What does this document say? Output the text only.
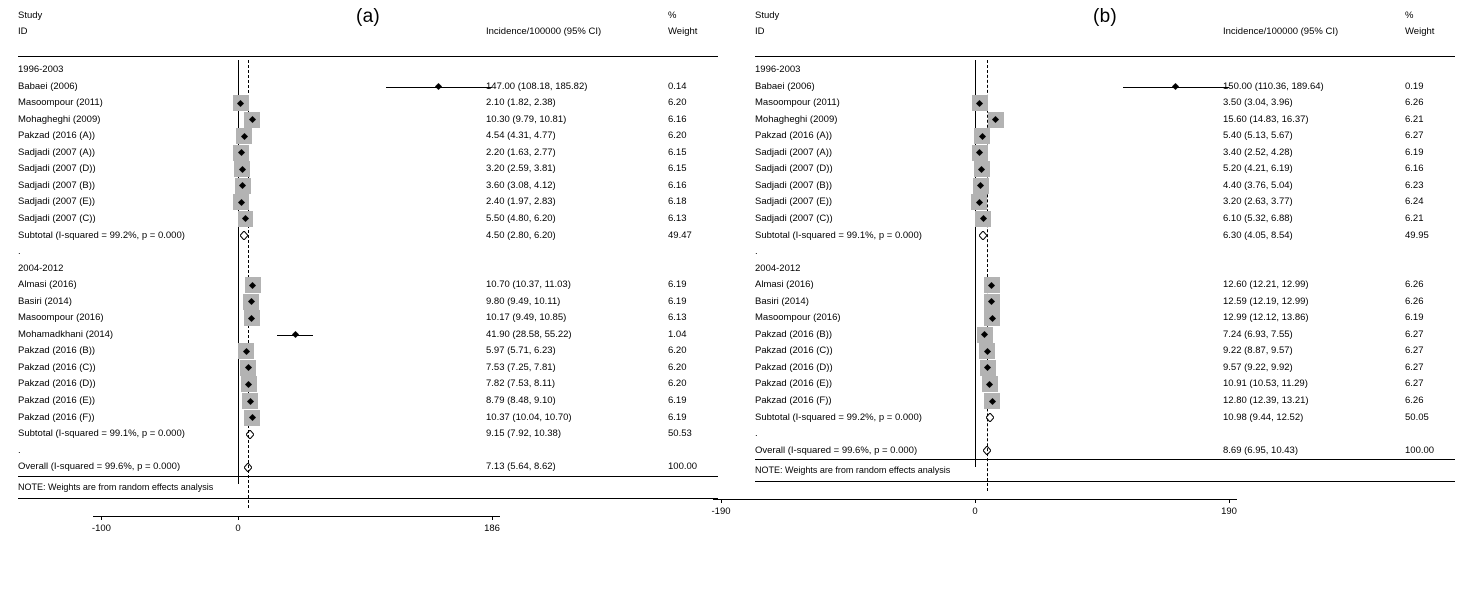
(a)
Study
ID	Incidence/100000 (95% CI)
%
Weight
1996-2003
Babaei (2006)	147.00 (108.18, 185.82)	0.14
Masoompour (2011)	2.10 (1.82, 2.38)	6.20
Mohagheghi (2009)	10.30 (9.79, 10.81)	6.16
Pakzad (2016 (A))	4.54 (4.31, 4.77)	6.20
Sadjadi (2007 (A))	2.20 (1.63, 2.77)	6.15
Sadjadi (2007 (D))	3.20 (2.59, 3.81)	6.15
Sadjadi (2007 (B))	3.60 (3.08, 4.12)	6.16
Sadjadi (2007 (E))	2.40 (1.97, 2.83)	6.18
Sadjadi (2007 (C))	5.50 (4.80, 6.20)	6.13
Subtotal (I-squared = 99.2%, p = 0.000)	4.50 (2.80, 6.20)	49.47
.
2004-2012
Almasi (2016)	10.70 (10.37, 11.03)	6.19
Basiri (2014)	9.80 (9.49, 10.11)	6.19
Masoompour (2016)	10.17 (9.49, 10.85)	6.13
Mohamadkhani (2014)	41.90 (28.58, 55.22)	1.04
Pakzad (2016 (B))	5.97 (5.71, 6.23)	6.20
Pakzad (2016 (C))	7.53 (7.25, 7.81)	6.20
Pakzad (2016 (D))	7.82 (7.53, 8.11)	6.20
Pakzad (2016 (E))	8.79 (8.48, 9.10)	6.19
Pakzad (2016 (F))	10.37 (10.04, 10.70)	6.19
Subtotal (I-squared = 99.1%, p = 0.000)	9.15 (7.92, 10.38)	50.53
.
Overall (I-squared = 99.6%, p = 0.000)	7.13 (5.64, 8.62)	100.00
NOTE: Weights are from random effects analysis
-100	0	186
(b)
Study
ID	Incidence/100000 (95% CI)
%
Weight
1996-2003
Babaei (2006)	150.00 (110.36, 189.64)	0.19
Masoompour (2011)	3.50 (3.04, 3.96)	6.26
Mohagheghi (2009)	15.60 (14.83, 16.37)	6.21
Pakzad (2016 (A))	5.40 (5.13, 5.67)	6.27
Sadjadi (2007 (A))	3.40 (2.52, 4.28)	6.19
Sadjadi (2007 (D))	5.20 (4.21, 6.19)	6.16
Sadjadi (2007 (B))	4.40 (3.76, 5.04)	6.23
Sadjadi (2007 (E))	3.20 (2.63, 3.77)	6.24
Sadjadi (2007 (C))	6.10 (5.32, 6.88)	6.21
Subtotal (I-squared = 99.1%, p = 0.000)	6.30 (4.05, 8.54)	49.95
.
2004-2012
Almasi (2016)	12.60 (12.21, 12.99)	6.26
Basiri (2014)	12.59 (12.19, 12.99)	6.26
Masoompour (2016)	12.99 (12.12, 13.86)	6.19
Pakzad (2016 (B))	7.24 (6.93, 7.55)	6.27
Pakzad (2016 (C))	9.22 (8.87, 9.57)	6.27
Pakzad (2016 (D))	9.57 (9.22, 9.92)	6.27
Pakzad (2016 (E))	10.91 (10.53, 11.29)	6.27
Pakzad (2016 (F))	12.80 (12.39, 13.21)	6.26
Subtotal (I-squared = 99.2%, p = 0.000)	10.98 (9.44, 12.52)	50.05
.
Overall (I-squared = 99.6%, p = 0.000)	8.69 (6.95, 10.43)	100.00
NOTE: Weights are from random effects analysis
-190	0	190
